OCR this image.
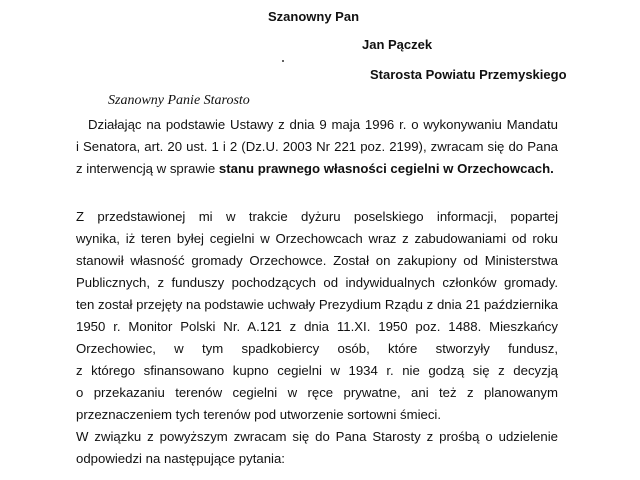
Szanowny Pan
Jan Pączek
Starosta Powiatu Przemyskiego
Szanowny Panie Starosto
Działając na podstawie Ustawy z dnia 9 maja 1996 r. o wykonywaniu Mandatu
i Senatora, art. 20 ust. 1 i 2 (Dz.U. 2003 Nr 221 poz. 2199), zwracam się do Pana
z interwencją w sprawie stanu prawnego własności cegielni w Orzechowcach.
Z przedstawionej mi w trakcie dyżuru poselskiego informacji, popartej
wynika, iż teren byłej cegielni w Orzechowcach wraz z zabudowaniami od roku
stanowił własność gromady Orzechowce. Został on zakupiony od Ministerstwa
Publicznych, z funduszy pochodzących od indywidualnych członków gromady.
ten został przejęty na podstawie uchwały Prezydium Rządu z dnia 21 października
1950 r. Monitor Polski Nr. A.121 z dnia 11.XI. 1950 poz. 1488. Mieszkańcy
Orzechowiec, w tym spadkobiercy osób, które stworzyły fundusz,
z którego sfinansowano kupno cegielni w 1934 r. nie godzą się z decyzją
o przekazaniu terenów cegielni w ręce prywatne, ani też z planowanym
przeznaczeniem tych terenów pod utworzenie sortowni śmieci.
W związku z powyższym zwracam się do Pana Starosty z prośbą o udzielenie
odpowiedzi na następujące pytania:
